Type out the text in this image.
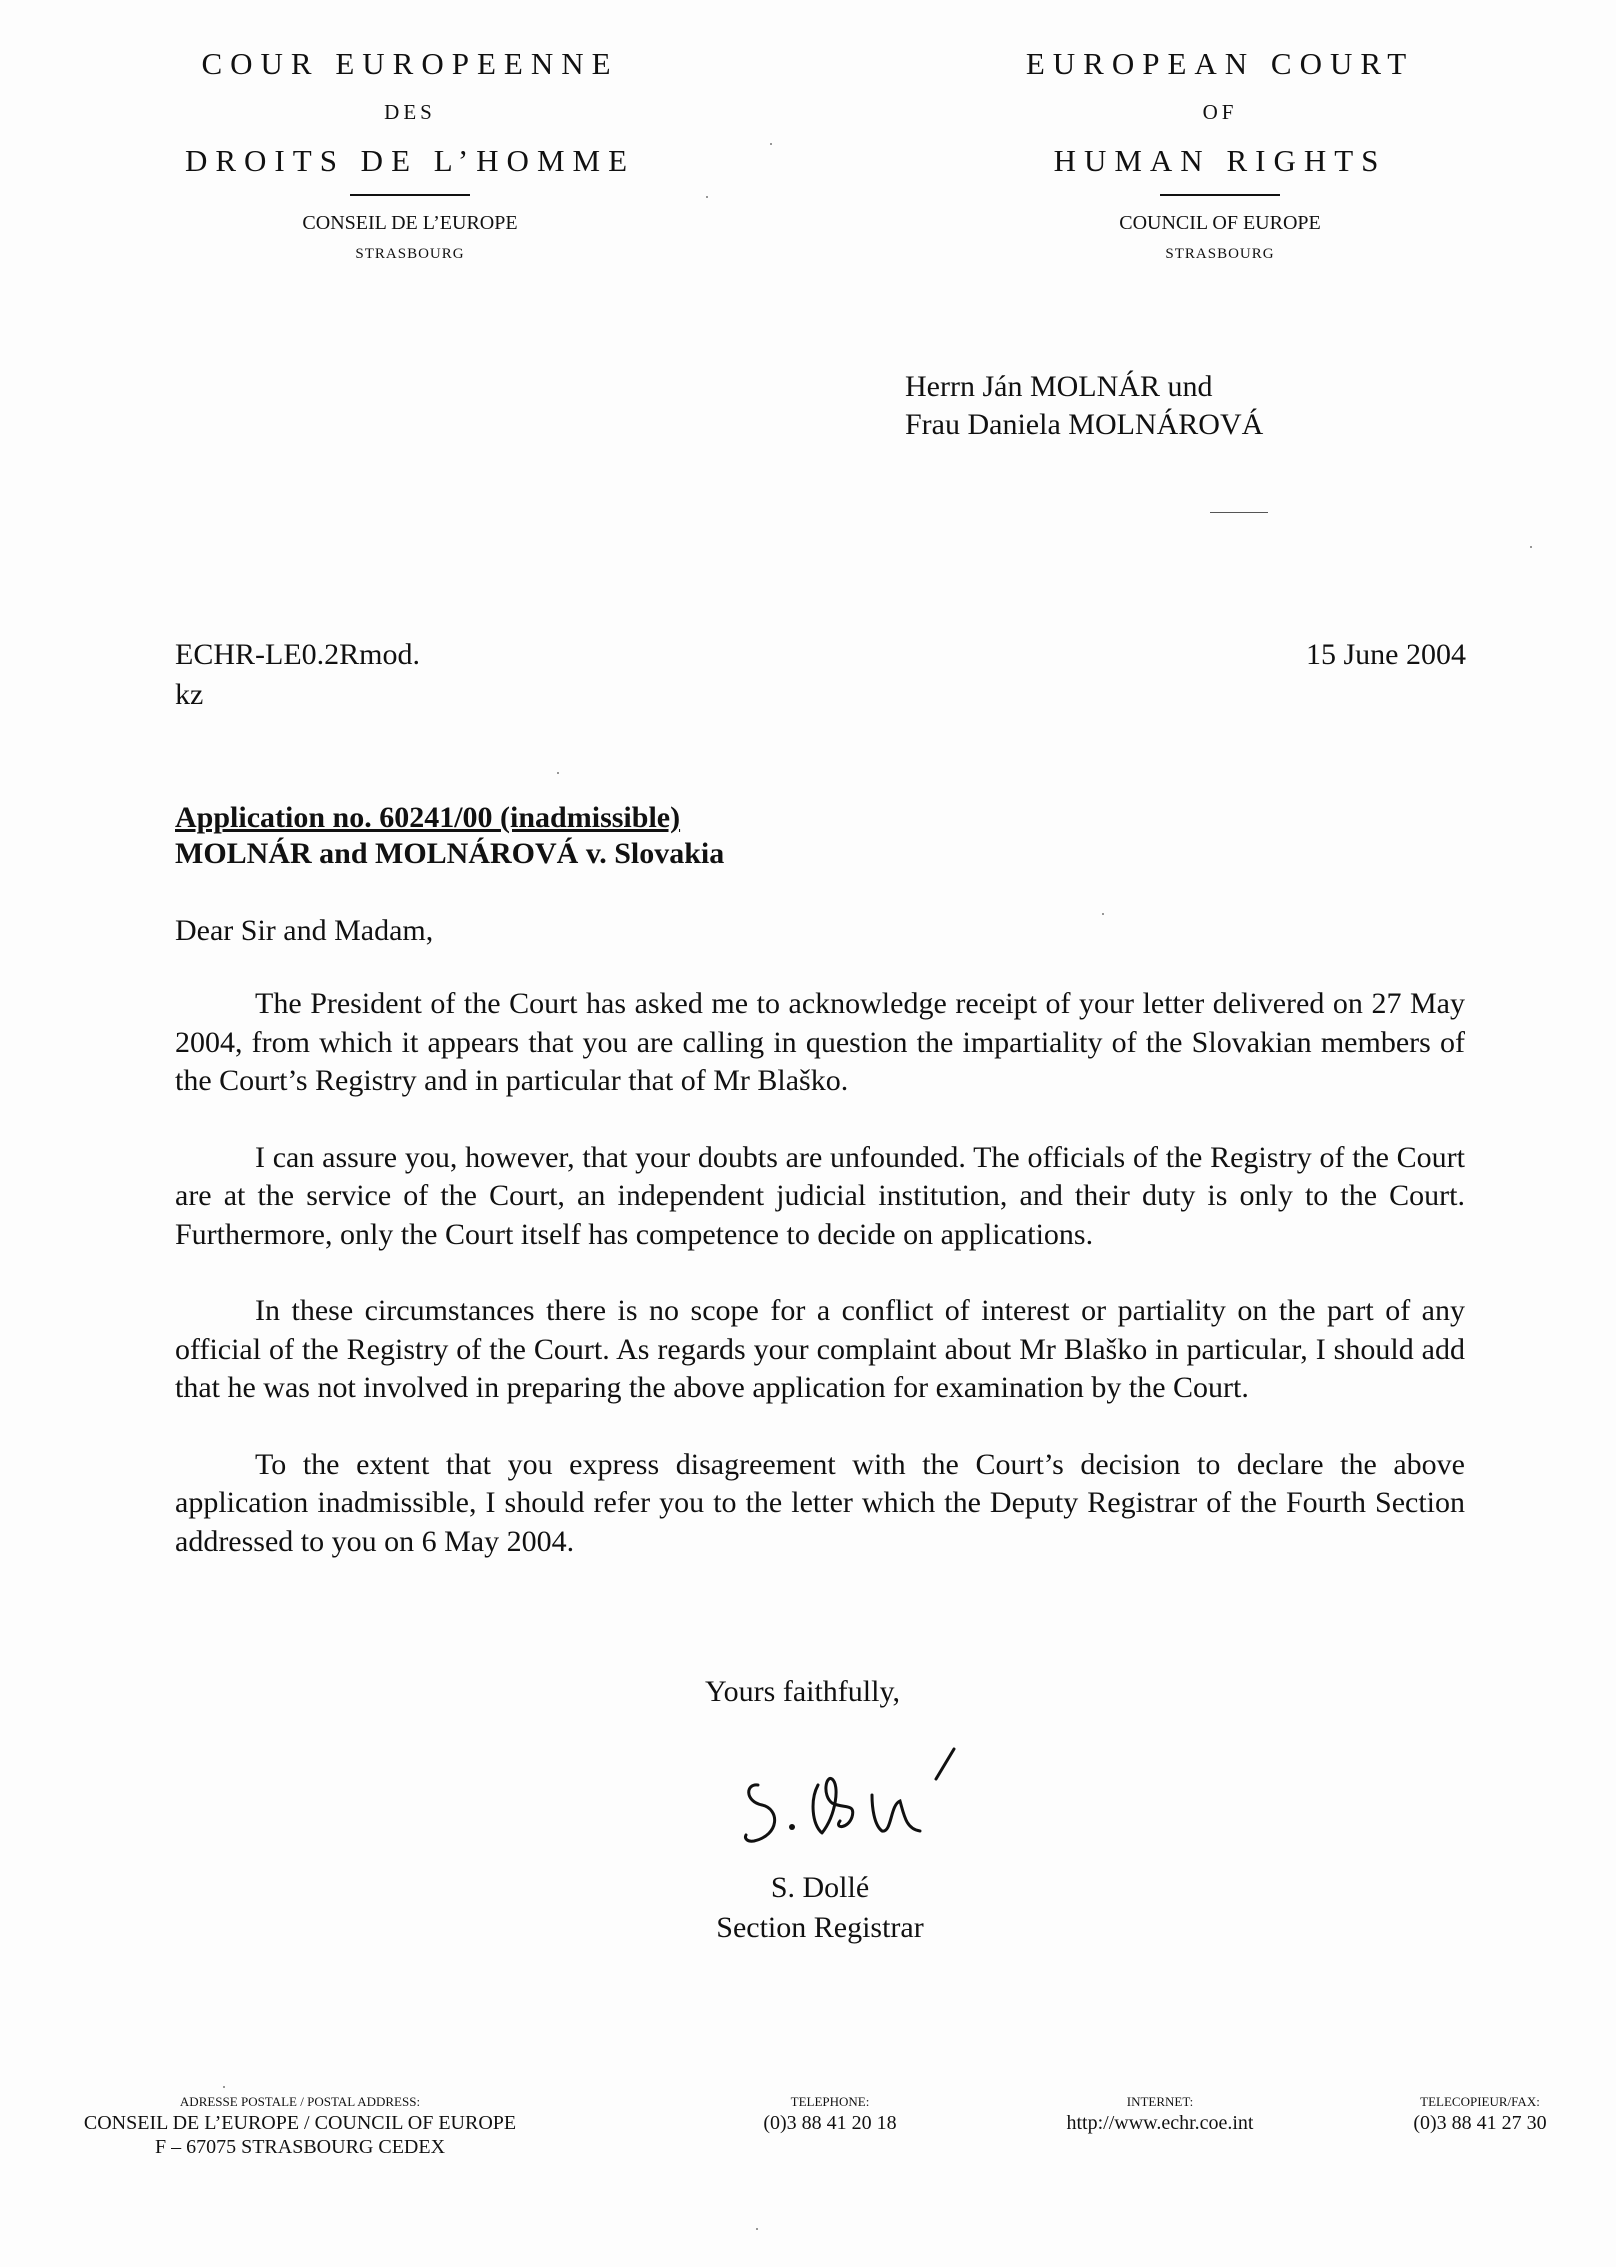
COUR EUROPEENNE
DES
DROITS DE L’HOMME
CONSEIL DE L’EUROPE
STRASBOURG
EUROPEAN COURT
OF
HUMAN RIGHTS
COUNCIL OF EUROPE
STRASBOURG
Herrn Ján MOLNÁR und
Frau Daniela MOLNÁROVÁ
ECHR-LE0.2Rmod.
kz
15 June 2004
Application no. 60241/00 (inadmissible)
MOLNÁR and MOLNÁROVÁ v. Slovakia
Dear Sir and Madam,

The President of the Court has asked me to acknowledge receipt of your letter delivered on 27 May 2004, from which it appears that you are calling in question the impartiality of the Slovakian members of the Court’s Registry and in particular that of Mr Blaško.

I can assure you, however, that your doubts are unfounded. The officials of the Registry of the Court are at the service of the Court, an independent judicial institution, and their duty is only to the Court. Furthermore, only the Court itself has competence to decide on applications.

In these circumstances there is no scope for a conflict of interest or partiality on the part of any official of the Registry of the Court. As regards your complaint about Mr Blaško in particular, I should add that he was not involved in preparing the above application for examination by the Court.

To the extent that you express disagreement with the Court’s decision to declare the above application inadmissible, I should refer you to the letter which the Deputy Registrar of the Fourth Section addressed to you on 6 May 2004.

Yours faithfully,
S. Dollé
Section Registrar
ADRESSE POSTALE / POSTAL ADDRESS:
CONSEIL DE L’EUROPE / COUNCIL OF EUROPE
F – 67075 STRASBOURG CEDEX
TELEPHONE:
(0)3 88 41 20 18
INTERNET:
http://www.echr.coe.int
TELECOPIEUR/FAX:
(0)3 88 41 27 30
